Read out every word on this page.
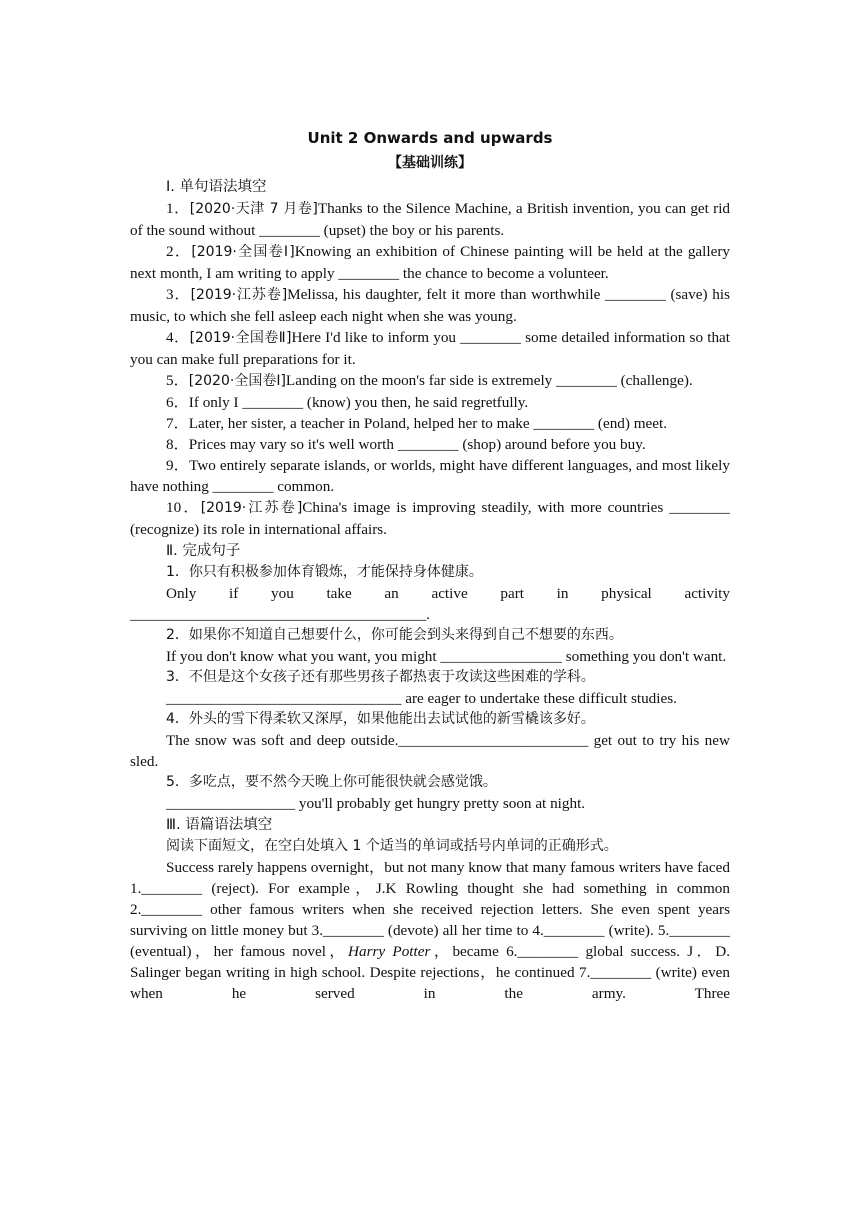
Unit 2 Onwards and upwards
【基础训练】
Ⅰ. 单句语法填空

1．[2020·天津 7 月卷]Thanks to the Silence Machine, a British invention, you can get rid of the sound without ________ (upset) the boy or his parents.

2．[2019·全国卷Ⅰ]Knowing an exhibition of Chinese painting will be held at the gallery next month, I am writing to apply ________ the chance to become a volunteer.

3．[2019·江苏卷]Melissa, his daughter, felt it more than worthwhile ________ (save) his music, to which she fell asleep each night when she was young.

4．[2019·全国卷Ⅱ]Here I'd like to inform you ________ some detailed information so that you can make full preparations for it.

5．[2020·全国卷Ⅰ]Landing on the moon's far side is extremely ________ (challenge).

6．If only I ________ (know) you then, he said regretfully.

7．Later, her sister, a teacher in Poland, helped her to make ________ (end) meet.

8．Prices may vary so it's well worth ________ (shop) around before you buy.

9．Two entirely separate islands, or worlds, might have different languages, and most likely have nothing ________ common.

10．[2019·江苏卷]China's image is improving steadily, with more countries ________ (recognize) its role in international affairs.

Ⅱ. 完成句子

1．你只有积极参加体育锻炼，才能保持身体健康。

Only if you take an active part in physical activity

_______________________________________.

2．如果你不知道自己想要什么，你可能会到头来得到自己不想要的东西。

If you don't know what you want, you might ________________ something you don't want.

3．不但是这个女孩子还有那些男孩子都热衷于攻读这些困难的学科。

_______________________________ are eager to undertake these difficult studies.

4．外头的雪下得柔软又深厚，如果他能出去试试他的新雪橇该多好。

The snow was soft and deep outside._________________________ get out to try his new sled.

5．多吃点，要不然今天晚上你可能很快就会感觉饿。

_________________ you'll probably get hungry pretty soon at night.

Ⅲ. 语篇语法填空

阅读下面短文，在空白处填入 1 个适当的单词或括号内单词的正确形式。

Success rarely happens overnight，but not many know that many famous writers have faced 1.________ (reject). For example，J.K Rowling thought she had something in common 2.________ other famous writers when she received rejection letters. She even spent years surviving on little money but 3.________ (devote) all her time to 4.________ (write). 5.________ (eventual)，her famous novel，Harry Potter，became 6.________ global success. J．D. Salinger began writing in high school. Despite rejections，he continued 7.________ (write) even when he served in the army. Three
